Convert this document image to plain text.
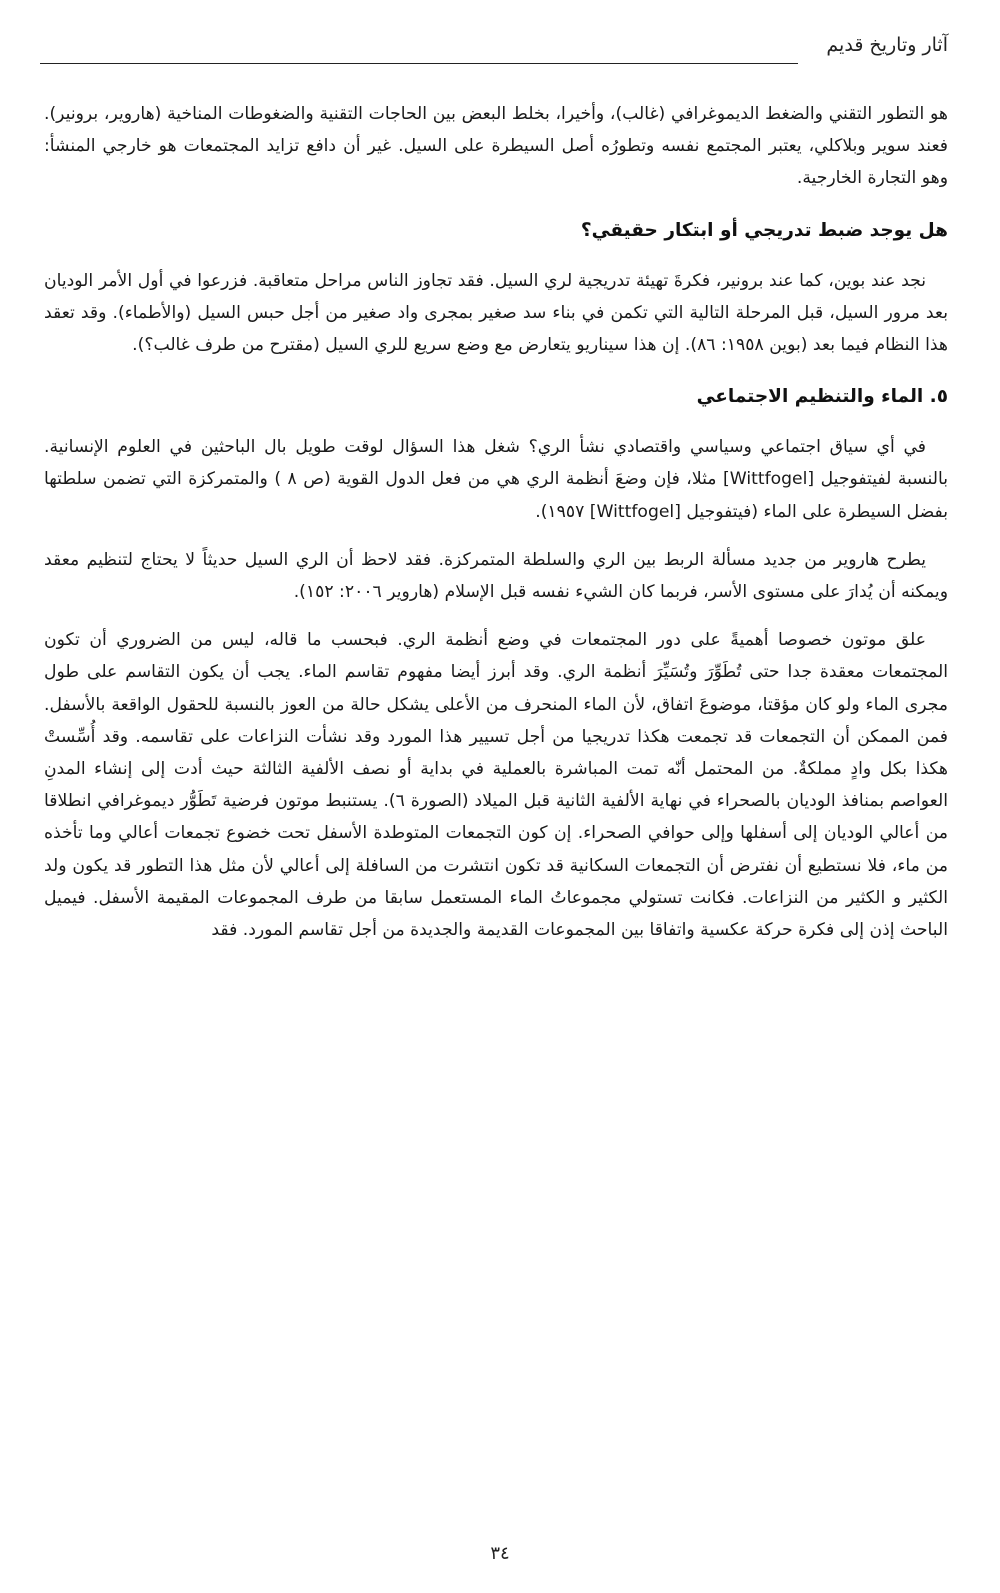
آثار وتاريخ قديم

هو التطور التقني والضغط الديموغرافي (غالب)، وأخيرا، بخلط البعض بين الحاجات التقنية والضغوطات المناخية (هاروير، برونير). فعند سوير وبلاكلي، يعتبر المجتمع نفسه وتطورُه أصل السيطرة على السيل. غير أن دافع تزايد المجتمعات هو خارجي المنشأ: وهو التجارة الخارجية.

هل يوجد ضبط تدريجي أو ابتكار حقيقي؟

نجد عند بوين، كما عند برونير، فكرةَ تهيئة تدريجية لري السيل. فقد تجاوز الناس مراحل متعاقبة. فزرعوا في أول الأمر الوديان بعد مرور السيل، قبل المرحلة التالية التي تكمن في بناء سد صغير بمجرى واد صغير من أجل حبس السيل (والأطماء). وقد تعقد هذا النظام فيما بعد (بوين ١٩٥٨: ٨٦). إن هذا سيناريو يتعارض مع وضع سريع للري السيل (مقترح من طرف غالب؟).

٥. الماء والتنظيم الاجتماعي

في أي سياق اجتماعي وسياسي واقتصادي نشأ الري؟ شغل هذا السؤال لوقت طويل بال الباحثين في العلوم الإنسانية. بالنسبة لفيتفوجيل [Wittfogel] مثلا، فإن وضعَ أنظمة الري هي من فعل الدول القوية (ص ٨ ) والمتمركزة التي تضمن سلطتها بفضل السيطرة على الماء (فيتفوجيل [Wittfogel] ١٩٥٧).

يطرح هاروير من جديد مسألة الربط بين الري والسلطة المتمركزة. فقد لاحظ أن الري السيل حديثاً لا يحتاج لتنظيم معقد ويمكنه أن يُدارَ على مستوى الأسر، فربما كان الشيء نفسه قبل الإسلام (هاروير ٢٠٠٦: ١٥٢).

علق موتون خصوصا أهميةً على دور المجتمعات في وضع أنظمة الري. فبحسب ما قاله، ليس من الضروري أن تكون المجتمعات معقدة جدا حتى تُطَوِّرَ وتُسَيِّرَ أنظمة الري. وقد أبرز أيضا مفهوم تقاسم الماء. يجب أن يكون التقاسم على طول مجرى الماء ولو كان مؤقتا، موضوعَ اتفاق، لأن الماء المنحرف من الأعلى يشكل حالة من العوز بالنسبة للحقول الواقعة بالأسفل. فمن الممكن أن التجمعات قد تجمعت هكذا تدريجيا من أجل تسيير هذا المورد وقد نشأت النزاعات على تقاسمه. وقد أُسِّستْ هكذا بكل وادٍ مملكةٌ. من المحتمل أنّه تمت المباشرة بالعملية في بداية أو نصف الألفية الثالثة حيث أدت إلى إنشاء المدنِ العواصم بمنافذ الوديان بالصحراء في نهاية الألفية الثانية قبل الميلاد (الصورة ٦). يستنبط موتون فرضية تَطَوُّر ديموغرافي انطلاقا من أعالي الوديان إلى أسفلها وإلى حوافي الصحراء. إن كون التجمعات المتوطدة الأسفل تحت خضوع تجمعات أعالي وما تأخذه من ماء، فلا نستطيع أن نفترض أن التجمعات السكانية قد تكون انتشرت من السافلة إلى أعالي لأن مثل هذا التطور قد يكون ولد الكثير و الكثير من النزاعات. فكانت تستولي مجموعاتُ الماء المستعمل سابقا من طرف المجموعات المقيمة الأسفل. فيميل الباحث إذن إلى فكرة حركة عكسية واتفاقا بين المجموعات القديمة والجديدة من أجل تقاسم المورد. فقد

٣٤
